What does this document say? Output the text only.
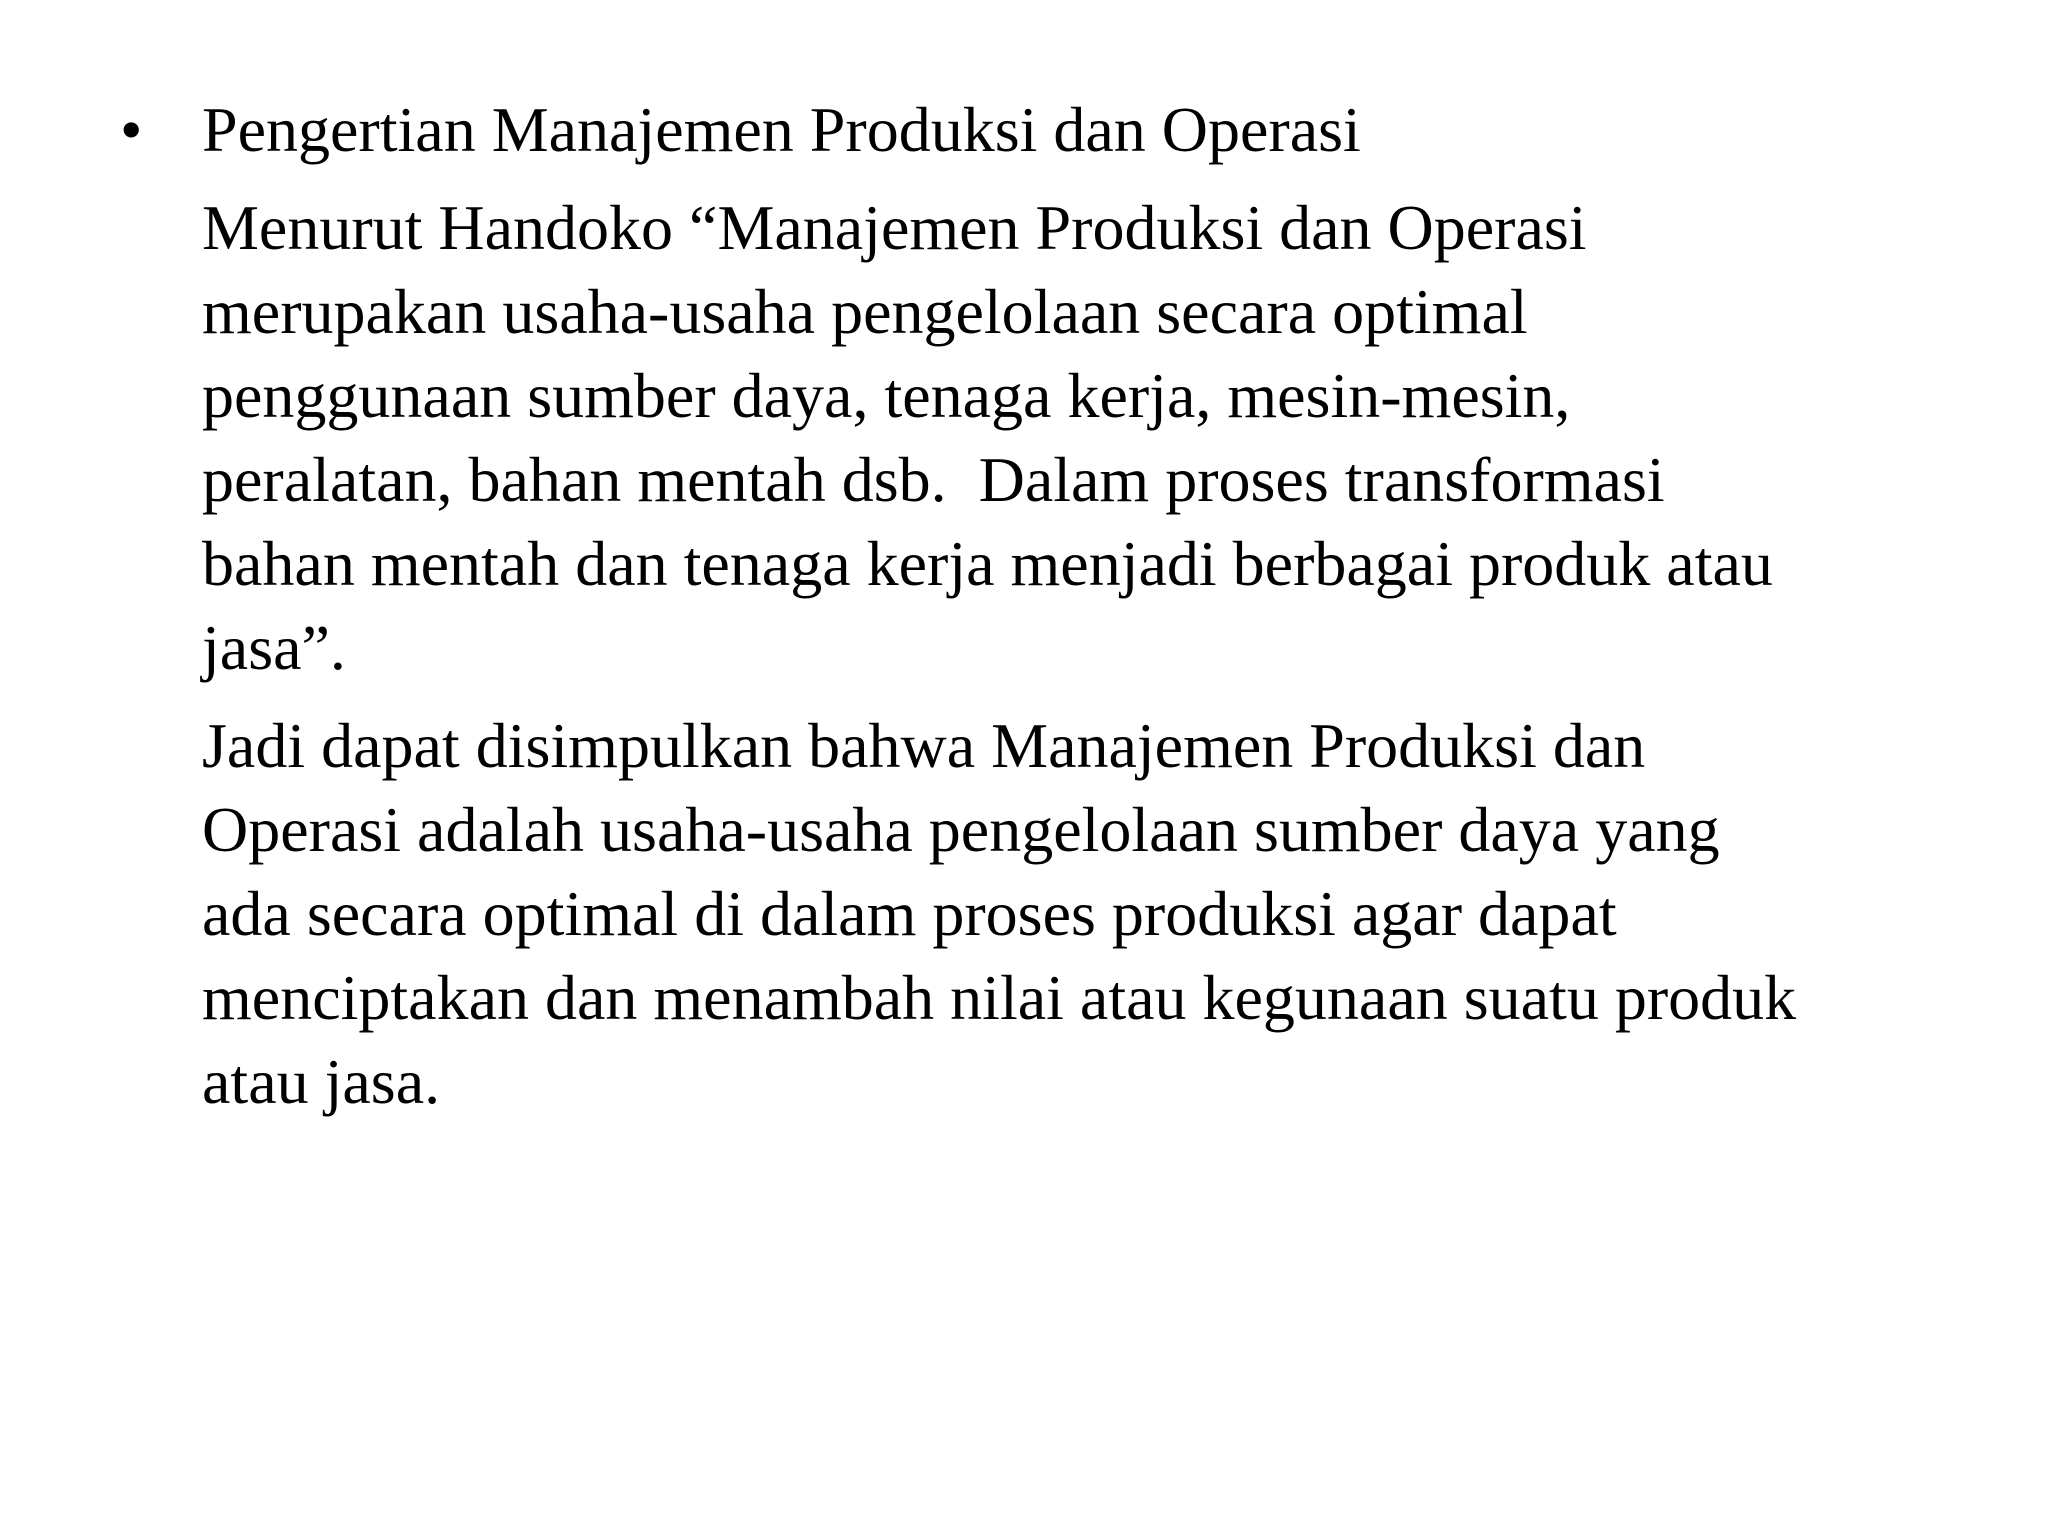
• Pengertian Manajemen Produksi dan Operasi
Menurut Handoko “Manajemen Produksi dan Operasi
merupakan usaha-usaha pengelolaan secara optimal
penggunaan sumber daya, tenaga kerja, mesin-mesin,
peralatan, bahan mentah dsb.  Dalam proses transformasi
bahan mentah dan tenaga kerja menjadi berbagai produk atau
jasa”.
Jadi dapat disimpulkan bahwa Manajemen Produksi dan
Operasi adalah usaha-usaha pengelolaan sumber daya yang
ada secara optimal di dalam proses produksi agar dapat
menciptakan dan menambah nilai atau kegunaan suatu produk
atau jasa.
